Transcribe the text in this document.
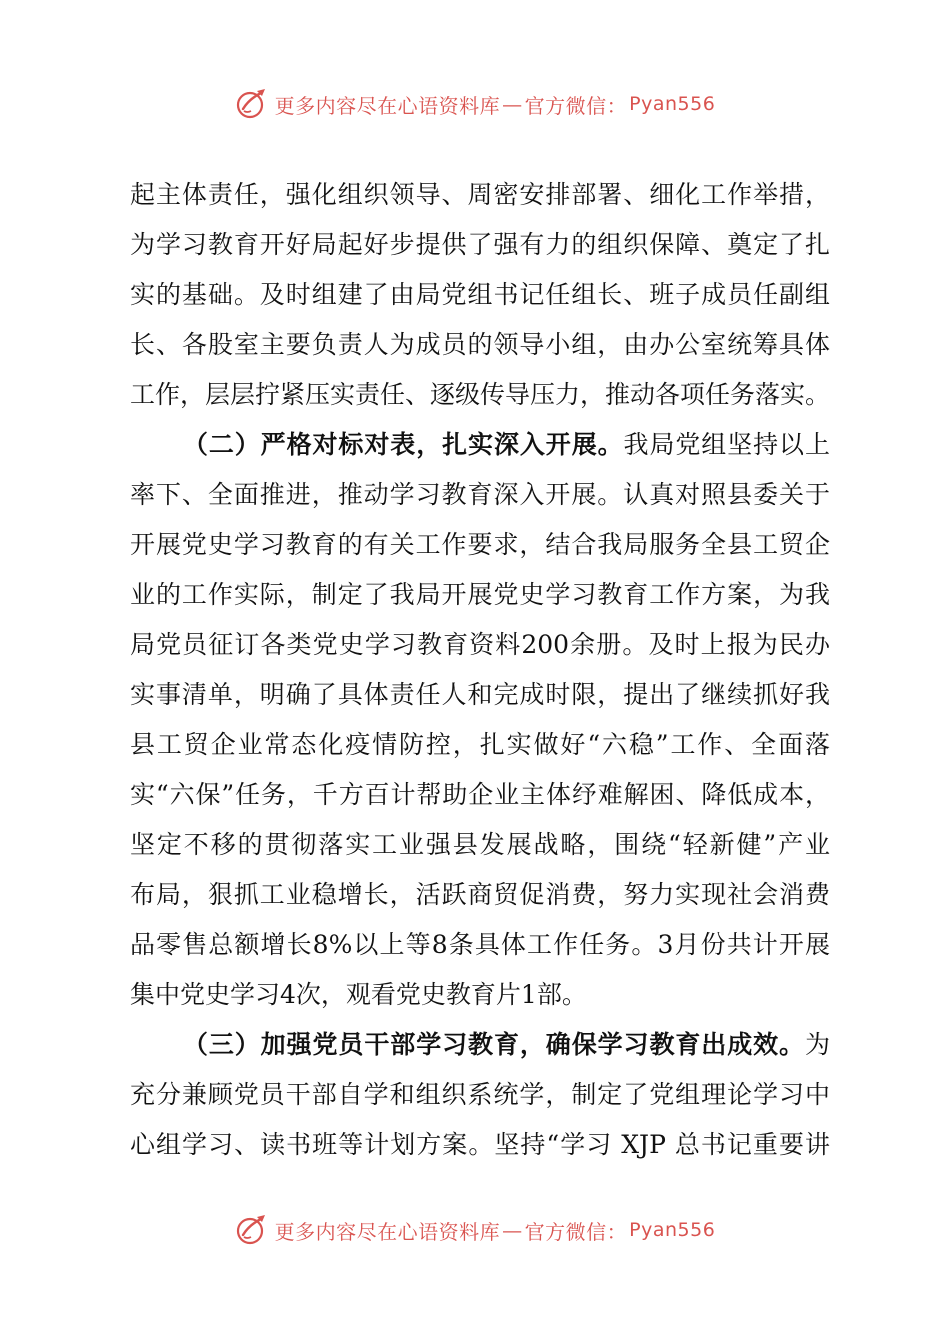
更多内容尽在心语资料库 — 官方微信： Pyan556
起主体责任，强化组织领导、周密安排部署、细化工作举措，
为学习教育开好局起好步提供了强有力的组织保障、奠定了扎
实的基础。及时组建了由局党组书记任组长、班子成员任副组
长、各股室主要负责人为成员的领导小组，由办公室统筹具体
工作，层层拧紧压实责任、逐级传导压力，推动各项任务落实。
（二）严格对标对表，扎实深入开展。我局党组坚持以上
率下、全面推进，推动学习教育深入开展。认真对照县委关于
开展党史学习教育的有关工作要求，结合我局服务全县工贸企
业的工作实际，制定了我局开展党史学习教育工作方案，为我
局党员征订各类党史学习教育资料200余册。及时上报为民办
实事清单，明确了具体责任人和完成时限，提出了继续抓好我
县工贸企业常态化疫情防控，扎实做好“六稳”工作、全面落
实“六保”任务，千方百计帮助企业主体纾难解困、降低成本，
坚定不移的贯彻落实工业强县发展战略，围绕“轻新健”产业
布局，狠抓工业稳增长，活跃商贸促消费，努力实现社会消费
品零售总额增长8%以上等8条具体工作任务。3月份共计开展
集中党史学习4次，观看党史教育片1部。
（三）加强党员干部学习教育，确保学习教育出成效。为
充分兼顾党员干部自学和组织系统学，制定了党组理论学习中
心组学习、读书班等计划方案。坚持“学习 XJP 总书记重要讲
更多内容尽在心语资料库 — 官方微信： Pyan556
